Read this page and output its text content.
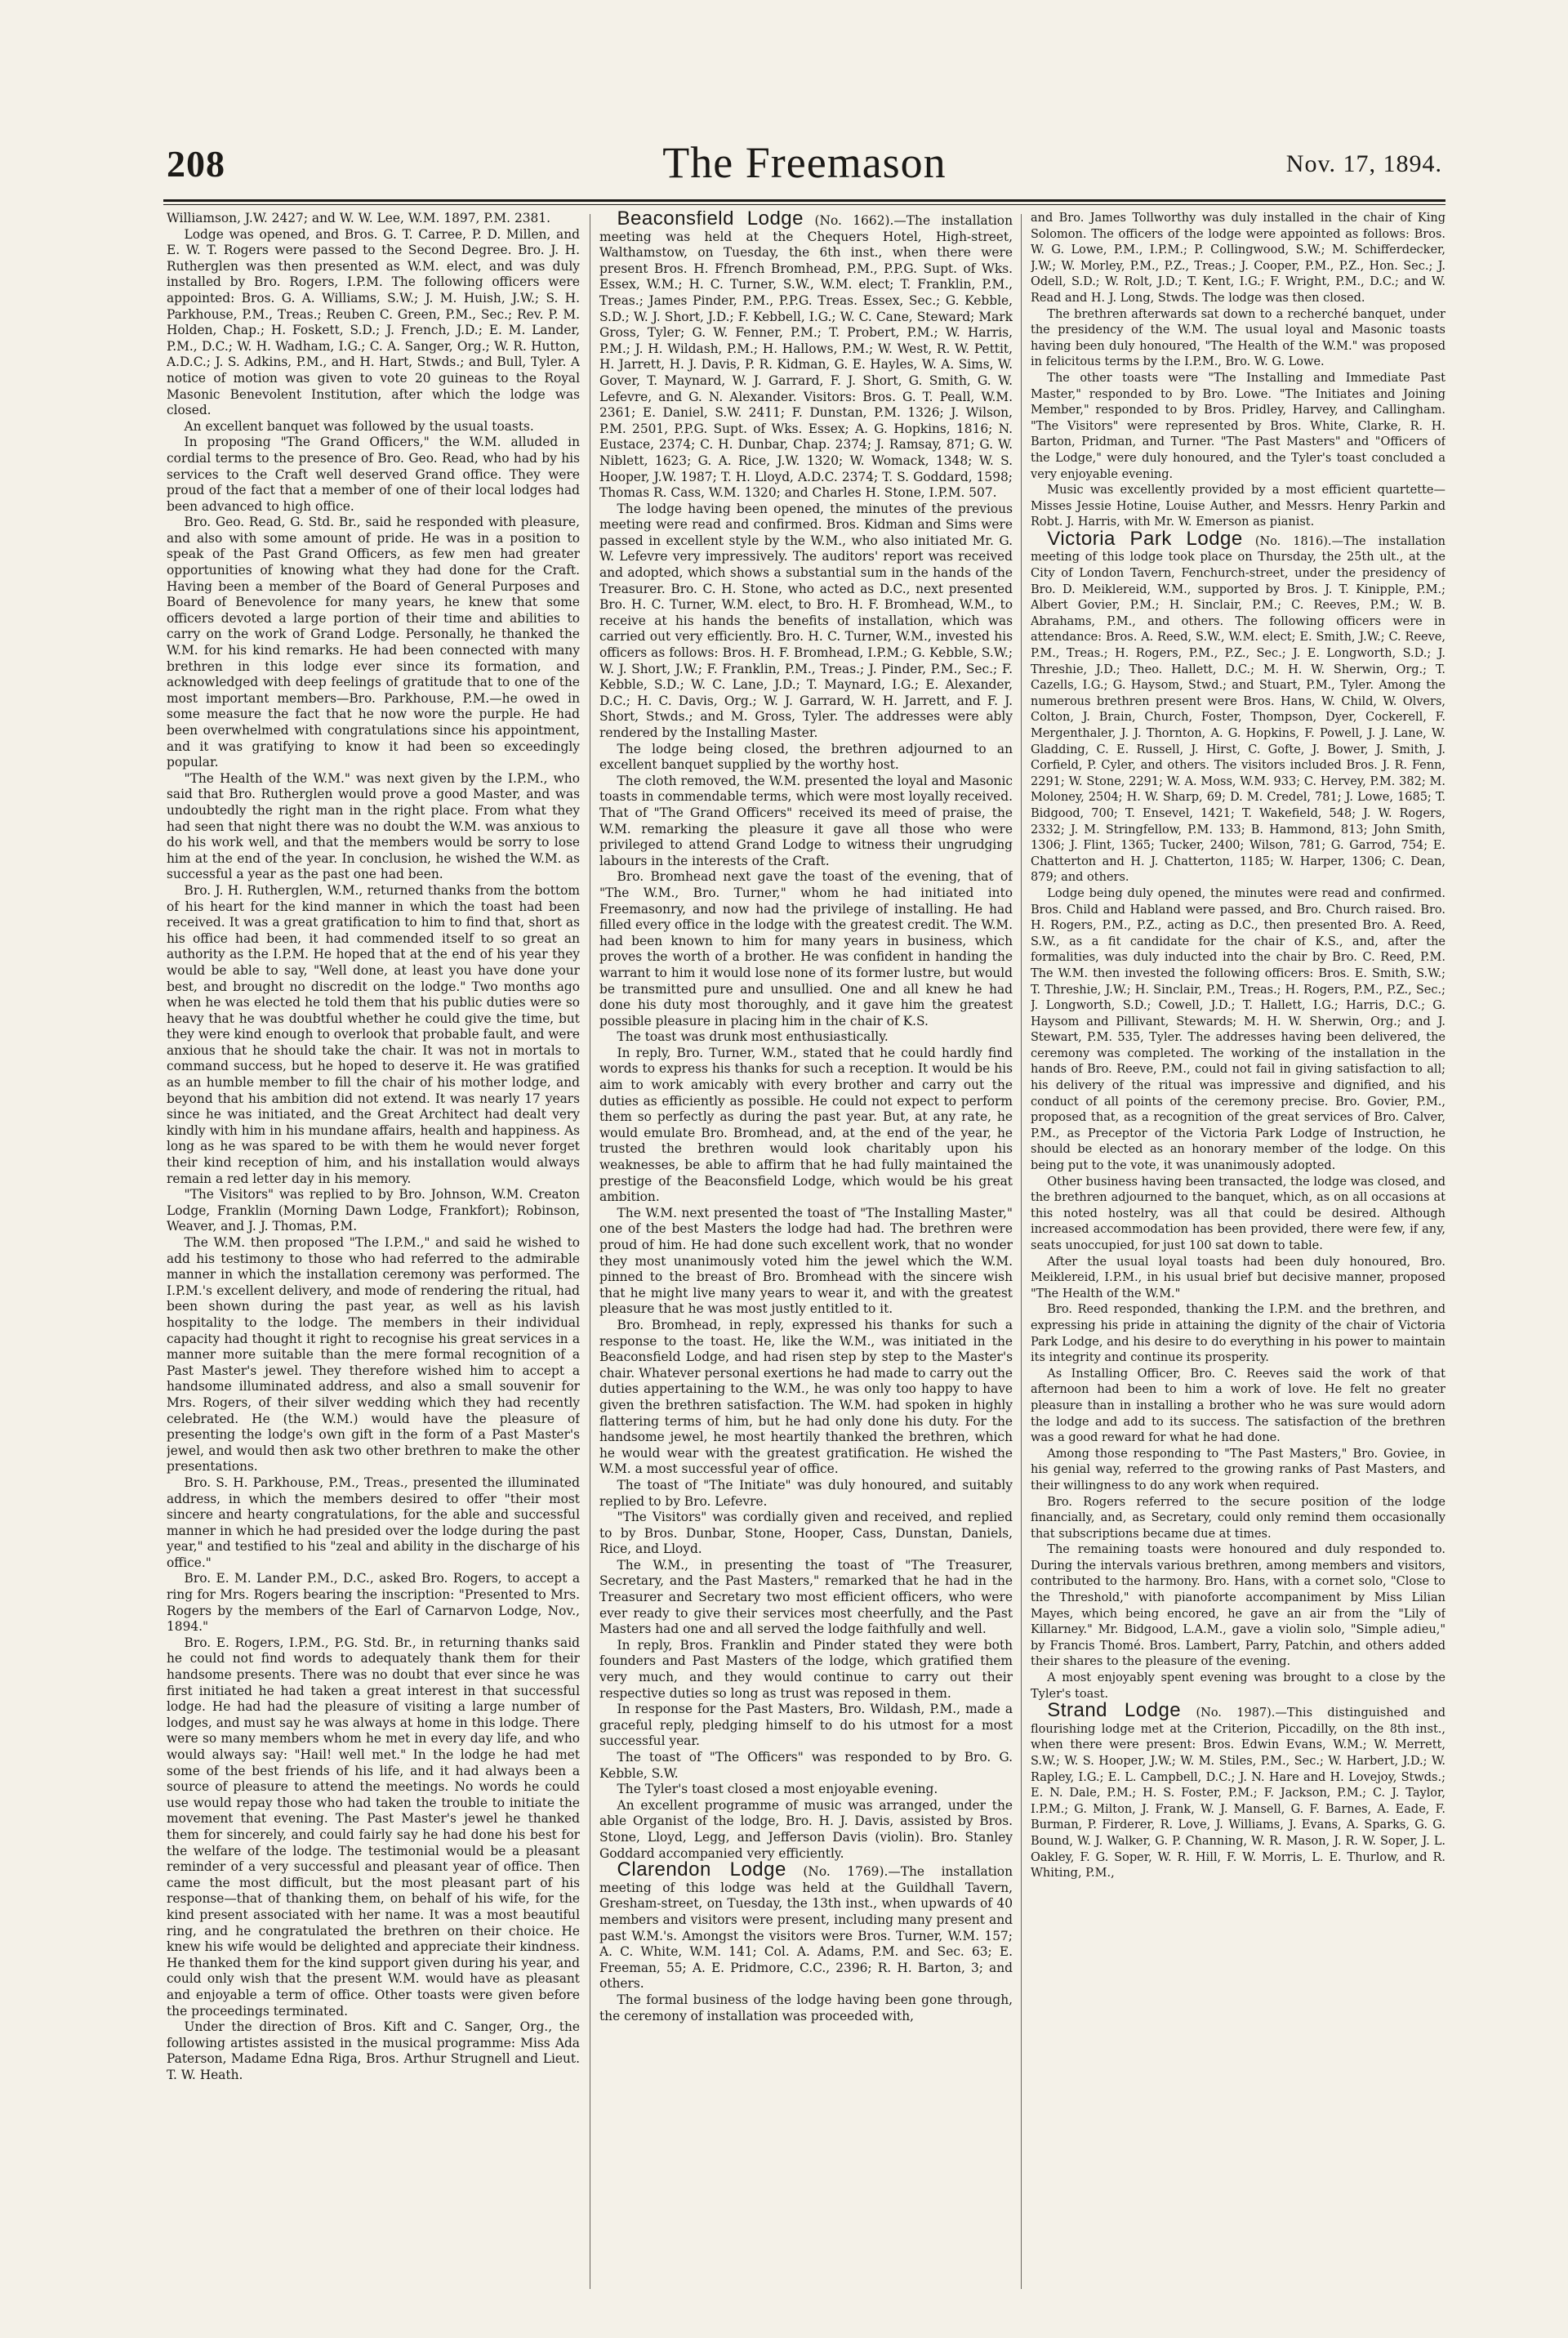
208	The Freemason	Nov. 17, 1894.

Williamson, J.W. 2427; and W. W. Lee, W.M. 1897, P.M. 2381.

Lodge was opened, and Bros. G. T. Carree, P. D. Millen, and E. W. T. Rogers were passed to the Second Degree. Bro. J. H. Rutherglen was then presented as W.M. elect, and was duly installed by Bro. Rogers, I.P.M. The following officers were appointed: Bros. G. A. Williams, S.W.; J. M. Huish, J.W.; S. H. Parkhouse, P.M., Treas.; Reuben C. Green, P.M., Sec.; Rev. P. M. Holden, Chap.; H. Foskett, S.D.; J. French, J.D.; E. M. Lander, P.M., D.C.; W. H. Wadham, I.G.; C. A. Sanger, Org.; W. R. Hutton, A.D.C.; J. S. Adkins, P.M., and H. Hart, Stwds.; and Bull, Tyler. A notice of motion was given to vote 20 guineas to the Royal Masonic Benevolent Institution, after which the lodge was closed.

An excellent banquet was followed by the usual toasts.

In proposing "The Grand Officers," the W.M. alluded in cordial terms to the presence of Bro. Geo. Read, who had by his services to the Craft well deserved Grand office. They were proud of the fact that a member of one of their local lodges had been advanced to high office.

Bro. Geo. Read, G. Std. Br., said he responded with pleasure, and also with some amount of pride. He was in a position to speak of the Past Grand Officers, as few men had greater opportunities of knowing what they had done for the Craft. Having been a member of the Board of General Purposes and Board of Benevolence for many years, he knew that some officers devoted a large portion of their time and abilities to carry on the work of Grand Lodge. Personally, he thanked the W.M. for his kind remarks. He had been connected with many brethren in this lodge ever since its formation, and acknowledged with deep feelings of gratitude that to one of the most important members—Bro. Parkhouse, P.M.—he owed in some measure the fact that he now wore the purple. He had been overwhelmed with congratulations since his appointment, and it was gratifying to know it had been so exceedingly popular.

"The Health of the W.M." was next given by the I.P.M., who said that Bro. Rutherglen would prove a good Master, and was undoubtedly the right man in the right place. From what they had seen that night there was no doubt the W.M. was anxious to do his work well, and that the members would be sorry to lose him at the end of the year. In conclusion, he wished the W.M. as successful a year as the past one had been.

Bro. J. H. Rutherglen, W.M., returned thanks from the bottom of his heart for the kind manner in which the toast had been received. It was a great gratification to him to find that, short as his office had been, it had commended itself to so great an authority as the I.P.M. He hoped that at the end of his year they would be able to say, "Well done, at least you have done your best, and brought no discredit on the lodge." Two months ago when he was elected he told them that his public duties were so heavy that he was doubtful whether he could give the time, but they were kind enough to overlook that probable fault, and were anxious that he should take the chair. It was not in mortals to command success, but he hoped to deserve it. He was gratified as an humble member to fill the chair of his mother lodge, and beyond that his ambition did not extend. It was nearly 17 years since he was initiated, and the Great Architect had dealt very kindly with him in his mundane affairs, health and happiness. As long as he was spared to be with them he would never forget their kind reception of him, and his installation would always remain a red letter day in his memory.

"The Visitors" was replied to by Bro. Johnson, W.M. Creaton Lodge, Franklin (Morning Dawn Lodge, Frankfort); Robinson, Weaver, and J. J. Thomas, P.M.

The W.M. then proposed "The I.P.M.," and said he wished to add his testimony to those who had referred to the admirable manner in which the installation ceremony was performed. The I.P.M.'s excellent delivery, and mode of rendering the ritual, had been shown during the past year, as well as his lavish hospitality to the lodge. The members in their individual capacity had thought it right to recognise his great services in a manner more suitable than the mere formal recognition of a Past Master's jewel. They therefore wished him to accept a handsome illuminated address, and also a small souvenir for Mrs. Rogers, of their silver wedding which they had recently celebrated. He (the W.M.) would have the pleasure of presenting the lodge's own gift in the form of a Past Master's jewel, and would then ask two other brethren to make the other presentations.

Bro. S. H. Parkhouse, P.M., Treas., presented the illuminated address, in which the members desired to offer "their most sincere and hearty congratulations, for the able and successful manner in which he had presided over the lodge during the past year," and testified to his "zeal and ability in the discharge of his office."

Bro. E. M. Lander P.M., D.C., asked Bro. Rogers, to accept a ring for Mrs. Rogers bearing the inscription: "Presented to Mrs. Rogers by the members of the Earl of Carnarvon Lodge, Nov., 1894."

Bro. E. Rogers, I.P.M., P.G. Std. Br., in returning thanks said he could not find words to adequately thank them for their handsome presents. There was no doubt that ever since he was first initiated he had taken a great interest in that successful lodge. He had had the pleasure of visiting a large number of lodges, and must say he was always at home in this lodge. There were so many members whom he met in every day life, and who would always say: "Hail! well met." In the lodge he had met some of the best friends of his life, and it had always been a source of pleasure to attend the meetings. No words he could use would repay those who had taken the trouble to initiate the movement that evening. The Past Master's jewel he thanked them for sincerely, and could fairly say he had done his best for the welfare of the lodge. The testimonial would be a pleasant reminder of a very successful and pleasant year of office. Then came the most difficult, but the most pleasant part of his response—that of thanking them, on behalf of his wife, for the kind present associated with her name. It was a most beautiful ring, and he congratulated the brethren on their choice. He knew his wife would be delighted and appreciate their kindness. He thanked them for the kind support given during his year, and could only wish that the present W.M. would have as pleasant and enjoyable a term of office. Other toasts were given before the proceedings terminated.

Under the direction of Bros. Kift and C. Sanger, Org., the following artistes assisted in the musical programme: Miss Ada Paterson, Madame Edna Riga, Bros. Arthur Strugnell and Lieut. T. W. Heath.

Beaconsfield Lodge (No. 1662).—The installation meeting was held at the Chequers Hotel, High-street, Walthamstow, on Tuesday, the 6th inst., when there were present Bros. H. Ffrench Bromhead, P.M., P.P.G. Supt. of Wks. Essex, W.M.; H. C. Turner, S.W., W.M. elect; T. Franklin, P.M., Treas.; James Pinder, P.M., P.P.G. Treas. Essex, Sec.; G. Kebble, S.D.; W. J. Short, J.D.; F. Kebbell, I.G.; W. C. Cane, Steward; Mark Gross, Tyler; G. W. Fenner, P.M.; T. Probert, P.M.; W. Harris, P.M.; J. H. Wildash, P.M.; H. Hallows, P.M.; W. West, R. W. Pettit, H. Jarrett, H. J. Davis, P. R. Kidman, G. E. Hayles, W. A. Sims, W. Gover, T. Maynard, W. J. Garrard, F. J. Short, G. Smith, G. W. Lefevre, and G. N. Alexander. Visitors: Bros. G. T. Peall, W.M. 2361; E. Daniel, S.W. 2411; F. Dunstan, P.M. 1326; J. Wilson, P.M. 2501, P.P.G. Supt. of Wks. Essex; A. G. Hopkins, 1816; N. Eustace, 2374; C. H. Dunbar, Chap. 2374; J. Ramsay, 871; G. W. Niblett, 1623; G. A. Rice, J.W. 1320; W. Womack, 1348; W. S. Hooper, J.W. 1987; T. H. Lloyd, A.D.C. 2374; T. S. Goddard, 1598; Thomas R. Cass, W.M. 1320; and Charles H. Stone, I.P.M. 507.

The lodge having been opened, the minutes of the previous meeting were read and confirmed. Bros. Kidman and Sims were passed in excellent style by the W.M., who also initiated Mr. G. W. Lefevre very impressively. The auditors' report was received and adopted, which shows a substantial sum in the hands of the Treasurer. Bro. C. H. Stone, who acted as D.C., next presented Bro. H. C. Turner, W.M. elect, to Bro. H. F. Bromhead, W.M., to receive at his hands the benefits of installation, which was carried out very efficiently. Bro. H. C. Turner, W.M., invested his officers as follows: Bros. H. F. Bromhead, I.P.M.; G. Kebble, S.W.; W. J. Short, J.W.; F. Franklin, P.M., Treas.; J. Pinder, P.M., Sec.; F. Kebble, S.D.; W. C. Lane, J.D.; T. Maynard, I.G.; E. Alexander, D.C.; H. C. Davis, Org.; W. J. Garrard, W. H. Jarrett, and F. J. Short, Stwds.; and M. Gross, Tyler. The addresses were ably rendered by the Installing Master.

The lodge being closed, the brethren adjourned to an excellent banquet supplied by the worthy host.

The cloth removed, the W.M. presented the loyal and Masonic toasts in commendable terms, which were most loyally received. That of "The Grand Officers" received its meed of praise, the W.M. remarking the pleasure it gave all those who were privileged to attend Grand Lodge to witness their ungrudging labours in the interests of the Craft.

Bro. Bromhead next gave the toast of the evening, that of "The W.M., Bro. Turner," whom he had initiated into Freemasonry, and now had the privilege of installing. He had filled every office in the lodge with the greatest credit. The W.M. had been known to him for many years in business, which proves the worth of a brother. He was confident in handing the warrant to him it would lose none of its former lustre, but would be transmitted pure and unsullied. One and all knew he had done his duty most thoroughly, and it gave him the greatest possible pleasure in placing him in the chair of K.S.

The toast was drunk most enthusiastically.

In reply, Bro. Turner, W.M., stated that he could hardly find words to express his thanks for such a reception. It would be his aim to work amicably with every brother and carry out the duties as efficiently as possible. He could not expect to perform them so perfectly as during the past year. But, at any rate, he would emulate Bro. Bromhead, and, at the end of the year, he trusted the brethren would look charitably upon his weaknesses, be able to affirm that he had fully maintained the prestige of the Beaconsfield Lodge, which would be his great ambition.

The W.M. next presented the toast of "The Installing Master," one of the best Masters the lodge had had. The brethren were proud of him. He had done such excellent work, that no wonder they most unanimously voted him the jewel which the W.M. pinned to the breast of Bro. Bromhead with the sincere wish that he might live many years to wear it, and with the greatest pleasure that he was most justly entitled to it.

Bro. Bromhead, in reply, expressed his thanks for such a response to the toast. He, like the W.M., was initiated in the Beaconsfield Lodge, and had risen step by step to the Master's chair. Whatever personal exertions he had made to carry out the duties appertaining to the W.M., he was only too happy to have given the brethren satisfaction. The W.M. had spoken in highly flattering terms of him, but he had only done his duty. For the handsome jewel, he most heartily thanked the brethren, which he would wear with the greatest gratification. He wished the W.M. a most successful year of office.

The toast of "The Initiate" was duly honoured, and suitably replied to by Bro. Lefevre.

"The Visitors" was cordially given and received, and replied to by Bros. Dunbar, Stone, Hooper, Cass, Dunstan, Daniels, Rice, and Lloyd.

The W.M., in presenting the toast of "The Treasurer, Secretary, and the Past Masters," remarked that he had in the Treasurer and Secretary two most efficient officers, who were ever ready to give their services most cheerfully, and the Past Masters had one and all served the lodge faithfully and well.

In reply, Bros. Franklin and Pinder stated they were both founders and Past Masters of the lodge, which gratified them very much, and they would continue to carry out their respective duties so long as trust was reposed in them.

In response for the Past Masters, Bro. Wildash, P.M., made a graceful reply, pledging himself to do his utmost for a most successful year.

The toast of "The Officers" was responded to by Bro. G. Kebble, S.W.

The Tyler's toast closed a most enjoyable evening.

An excellent programme of music was arranged, under the able Organist of the lodge, Bro. H. J. Davis, assisted by Bros. Stone, Lloyd, Legg, and Jefferson Davis (violin). Bro. Stanley Goddard accompanied very efficiently.

Clarendon Lodge (No. 1769).—The installation meeting of this lodge was held at the Guildhall Tavern, Gresham-street, on Tuesday, the 13th inst., when upwards of 40 members and visitors were present, including many present and past W.M.'s. Amongst the visitors were Bros. Turner, W.M. 157; A. C. White, W.M. 141; Col. A. Adams, P.M. and Sec. 63; E. Freeman, 55; A. E. Pridmore, C.C., 2396; R. H. Barton, 3; and others.

The formal business of the lodge having been gone through, the ceremony of installation was proceeded with,

and Bro. James Tollworthy was duly installed in the chair of King Solomon. The officers of the lodge were appointed as follows: Bros. W. G. Lowe, P.M., I.P.M.; P. Collingwood, S.W.; M. Schifferdecker, J.W.; W. Morley, P.M., P.Z., Treas.; J. Cooper, P.M., P.Z., Hon. Sec.; J. Odell, S.D.; W. Rolt, J.D.; T. Kent, I.G.; F. Wright, P.M., D.C.; and W. Read and H. J. Long, Stwds. The lodge was then closed.

The brethren afterwards sat down to a recherché banquet, under the presidency of the W.M. The usual loyal and Masonic toasts having been duly honoured, "The Health of the W.M." was proposed in felicitous terms by the I.P.M., Bro. W. G. Lowe.

The other toasts were "The Installing and Immediate Past Master," responded to by Bro. Lowe. "The Initiates and Joining Member," responded to by Bros. Pridley, Harvey, and Callingham. "The Visitors" were represented by Bros. White, Clarke, R. H. Barton, Pridman, and Turner. "The Past Masters" and "Officers of the Lodge," were duly honoured, and the Tyler's toast concluded a very enjoyable evening.

Music was excellently provided by a most efficient quartette—Misses Jessie Hotine, Louise Auther, and Messrs. Henry Parkin and Robt. J. Harris, with Mr. W. Emerson as pianist.

Victoria Park Lodge (No. 1816).—The installation meeting of this lodge took place on Thursday, the 25th ult., at the City of London Tavern, Fenchurch-street, under the presidency of Bro. D. Meiklereid, W.M., supported by Bros. J. T. Kinipple, P.M.; Albert Govier, P.M.; H. Sinclair, P.M.; C. Reeves, P.M.; W. B. Abrahams, P.M., and others. The following officers were in attendance: Bros. A. Reed, S.W., W.M. elect; E. Smith, J.W.; C. Reeve, P.M., Treas.; H. Rogers, P.M., P.Z., Sec.; J. E. Longworth, S.D.; J. Threshie, J.D.; Theo. Hallett, D.C.; M. H. W. Sherwin, Org.; T. Cazells, I.G.; G. Haysom, Stwd.; and Stuart, P.M., Tyler. Among the numerous brethren present were Bros. Hans, W. Child, W. Olvers, Colton, J. Brain, Church, Foster, Thompson, Dyer, Cockerell, F. Mergenthaler, J. J. Thornton, A. G. Hopkins, F. Powell, J. J. Lane, W. Gladding, C. E. Russell, J. Hirst, C. Gofte, J. Bower, J. Smith, J. Corfield, P. Cyler, and others. The visitors included Bros. J. R. Fenn, 2291; W. Stone, 2291; W. A. Moss, W.M. 933; C. Hervey, P.M. 382; M. Moloney, 2504; H. W. Sharp, 69; D. M. Credel, 781; J. Lowe, 1685; T. Bidgood, 700; T. Ensevel, 1421; T. Wakefield, 548; J. W. Rogers, 2332; J. M. Stringfellow, P.M. 133; B. Hammond, 813; John Smith, 1306; J. Flint, 1365; Tucker, 2400; Wilson, 781; G. Garrod, 754; E. Chatterton and H. J. Chatterton, 1185; W. Harper, 1306; C. Dean, 879; and others.

Lodge being duly opened, the minutes were read and confirmed. Bros. Child and Habland were passed, and Bro. Church raised. Bro. H. Rogers, P.M., P.Z., acting as D.C., then presented Bro. A. Reed, S.W., as a fit candidate for the chair of K.S., and, after the formalities, was duly inducted into the chair by Bro. C. Reed, P.M. The W.M. then invested the following officers: Bros. E. Smith, S.W.; T. Threshie, J.W.; H. Sinclair, P.M., Treas.; H. Rogers, P.M., P.Z., Sec.; J. Longworth, S.D.; Cowell, J.D.; T. Hallett, I.G.; Harris, D.C.; G. Haysom and Pillivant, Stewards; M. H. W. Sherwin, Org.; and J. Stewart, P.M. 535, Tyler. The addresses having been delivered, the ceremony was completed. The working of the installation in the hands of Bro. Reeve, P.M., could not fail in giving satisfaction to all; his delivery of the ritual was impressive and dignified, and his conduct of all points of the ceremony precise. Bro. Govier, P.M., proposed that, as a recognition of the great services of Bro. Calver, P.M., as Preceptor of the Victoria Park Lodge of Instruction, he should be elected as an honorary member of the lodge. On this being put to the vote, it was unanimously adopted.

Other business having been transacted, the lodge was closed, and the brethren adjourned to the banquet, which, as on all occasions at this noted hostelry, was all that could be desired. Although increased accommodation has been provided, there were few, if any, seats unoccupied, for just 100 sat down to table.

After the usual loyal toasts had been duly honoured, Bro. Meiklereid, I.P.M., in his usual brief but decisive manner, proposed "The Health of the W.M."

Bro. Reed responded, thanking the I.P.M. and the brethren, and expressing his pride in attaining the dignity of the chair of Victoria Park Lodge, and his desire to do everything in his power to maintain its integrity and continue its prosperity.

As Installing Officer, Bro. C. Reeves said the work of that afternoon had been to him a work of love. He felt no greater pleasure than in installing a brother who he was sure would adorn the lodge and add to its success. The satisfaction of the brethren was a good reward for what he had done.

Among those responding to "The Past Masters," Bro. Goviee, in his genial way, referred to the growing ranks of Past Masters, and their willingness to do any work when required.

Bro. Rogers referred to the secure position of the lodge financially, and, as Secretary, could only remind them occasionally that subscriptions became due at times.

The remaining toasts were honoured and duly responded to. During the intervals various brethren, among members and visitors, contributed to the harmony. Bro. Hans, with a cornet solo, "Close to the Threshold," with pianoforte accompaniment by Miss Lilian Mayes, which being encored, he gave an air from the "Lily of Killarney." Mr. Bidgood, L.A.M., gave a violin solo, "Simple adieu," by Francis Thomé. Bros. Lambert, Parry, Patchin, and others added their shares to the pleasure of the evening.

A most enjoyably spent evening was brought to a close by the Tyler's toast.

Strand Lodge (No. 1987).—This distinguished and flourishing lodge met at the Criterion, Piccadilly, on the 8th inst., when there were present: Bros. Edwin Evans, W.M.; W. Merrett, S.W.; W. S. Hooper, J.W.; W. M. Stiles, P.M., Sec.; W. Harbert, J.D.; W. Rapley, I.G.; E. L. Campbell, D.C.; J. N. Hare and H. Lovejoy, Stwds.; E. N. Dale, P.M.; H. S. Foster, P.M.; F. Jackson, P.M.; C. J. Taylor, I.P.M.; G. Milton, J. Frank, W. J. Mansell, G. F. Barnes, A. Eade, F. Burman, P. Firderer, R. Love, J. Williams, J. Evans, A. Sparks, G. G. Bound, W. J. Walker, G. P. Channing, W. R. Mason, J. R. W. Soper, J. L. Oakley, F. G. Soper, W. R. Hill, F. W. Morris, L. E. Thurlow, and R. Whiting, P.M.,
